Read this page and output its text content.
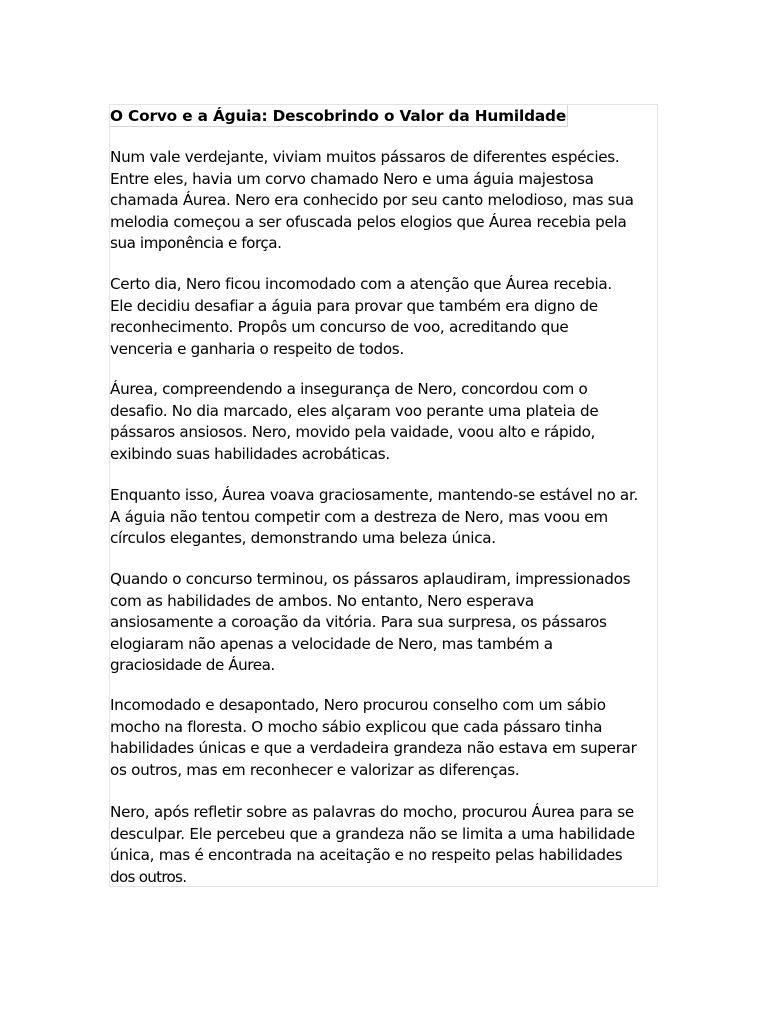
O Corvo e a Águia: Descobrindo o Valor da Humildade

Num vale verdejante, viviam muitos pássaros de diferentes espécies.
Entre eles, havia um corvo chamado Nero e uma águia majestosa
chamada Áurea. Nero era conhecido por seu canto melodioso, mas sua
melodia começou a ser ofuscada pelos elogios que Áurea recebia pela
sua imponência e força.

Certo dia, Nero ficou incomodado com a atenção que Áurea recebia.
Ele decidiu desafiar a águia para provar que também era digno de
reconhecimento. Propôs um concurso de voo, acreditando que
venceria e ganharia o respeito de todos.

Áurea, compreendendo a insegurança de Nero, concordou com o
desafio. No dia marcado, eles alçaram voo perante uma plateia de
pássaros ansiosos. Nero, movido pela vaidade, voou alto e rápido,
exibindo suas habilidades acrobáticas.

Enquanto isso, Áurea voava graciosamente, mantendo-se estável no ar.
A águia não tentou competir com a destreza de Nero, mas voou em
círculos elegantes, demonstrando uma beleza única.

Quando o concurso terminou, os pássaros aplaudiram, impressionados
com as habilidades de ambos. No entanto, Nero esperava
ansiosamente a coroação da vitória. Para sua surpresa, os pássaros
elogiaram não apenas a velocidade de Nero, mas também a
graciosidade de Áurea.

Incomodado e desapontado, Nero procurou conselho com um sábio
mocho na floresta. O mocho sábio explicou que cada pássaro tinha
habilidades únicas e que a verdadeira grandeza não estava em superar
os outros, mas em reconhecer e valorizar as diferenças.

Nero, após refletir sobre as palavras do mocho, procurou Áurea para se
desculpar. Ele percebeu que a grandeza não se limita a uma habilidade
única, mas é encontrada na aceitação e no respeito pelas habilidades
dos outros.
